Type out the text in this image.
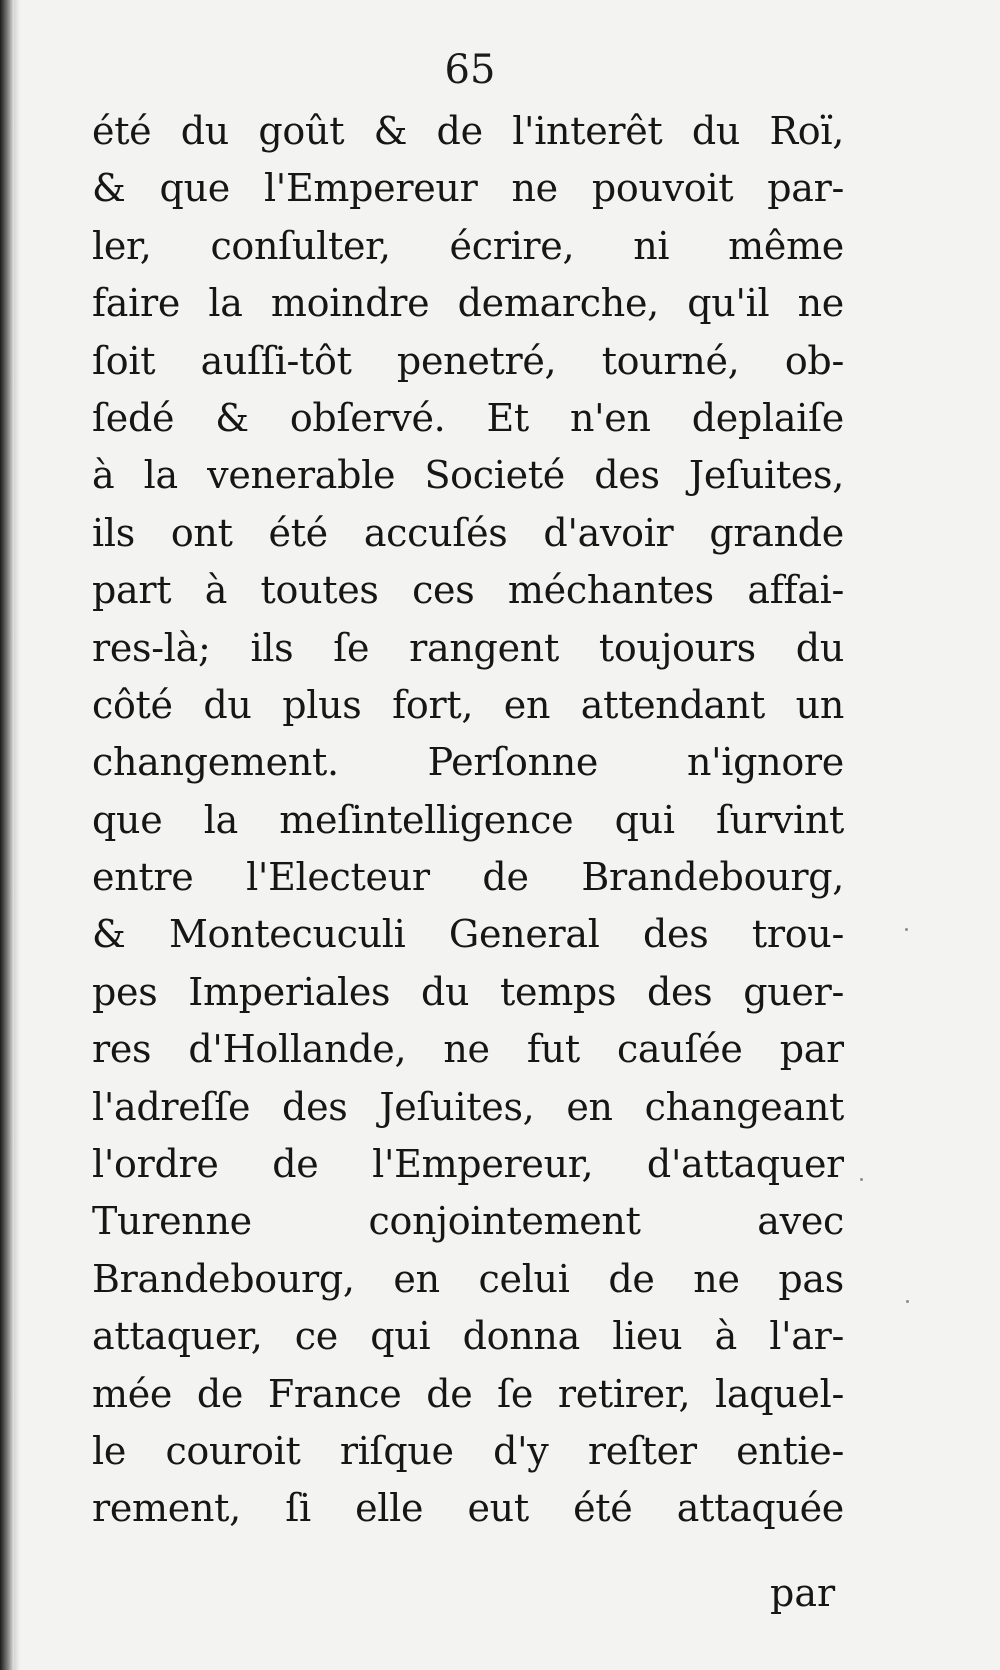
65
été du goût & de l'interêt du Roï,
& que l'Empereur ne pouvoit par-
ler, conſulter, écrire, ni même
faire la moindre demarche, qu'il ne
ſoit auſſi-tôt penetré, tourné, ob-
ſedé & obſervé. Et n'en deplaiſe
à la venerable Societé des Jeſuites,
ils ont été accuſés d'avoir grande
part à toutes ces méchantes affai-
res-là; ils ſe rangent toujours du
côté du plus fort, en attendant un
changement. Perſonne n'ignore
que la meſintelligence qui ſurvint
entre l'Electeur de Brandebourg,
& Montecuculi General des trou-
pes Imperiales du temps des guer-
res d'Hollande, ne fut cauſée par
l'adreſſe des Jeſuites, en changeant
l'ordre de l'Empereur, d'attaquer
Turenne conjointement avec
Brandebourg, en celui de ne pas
attaquer, ce qui donna lieu à l'ar-
mée de France de ſe retirer, laquel-
le couroit riſque d'y reſter entie-
rement, ſi elle eut été attaquée
par
